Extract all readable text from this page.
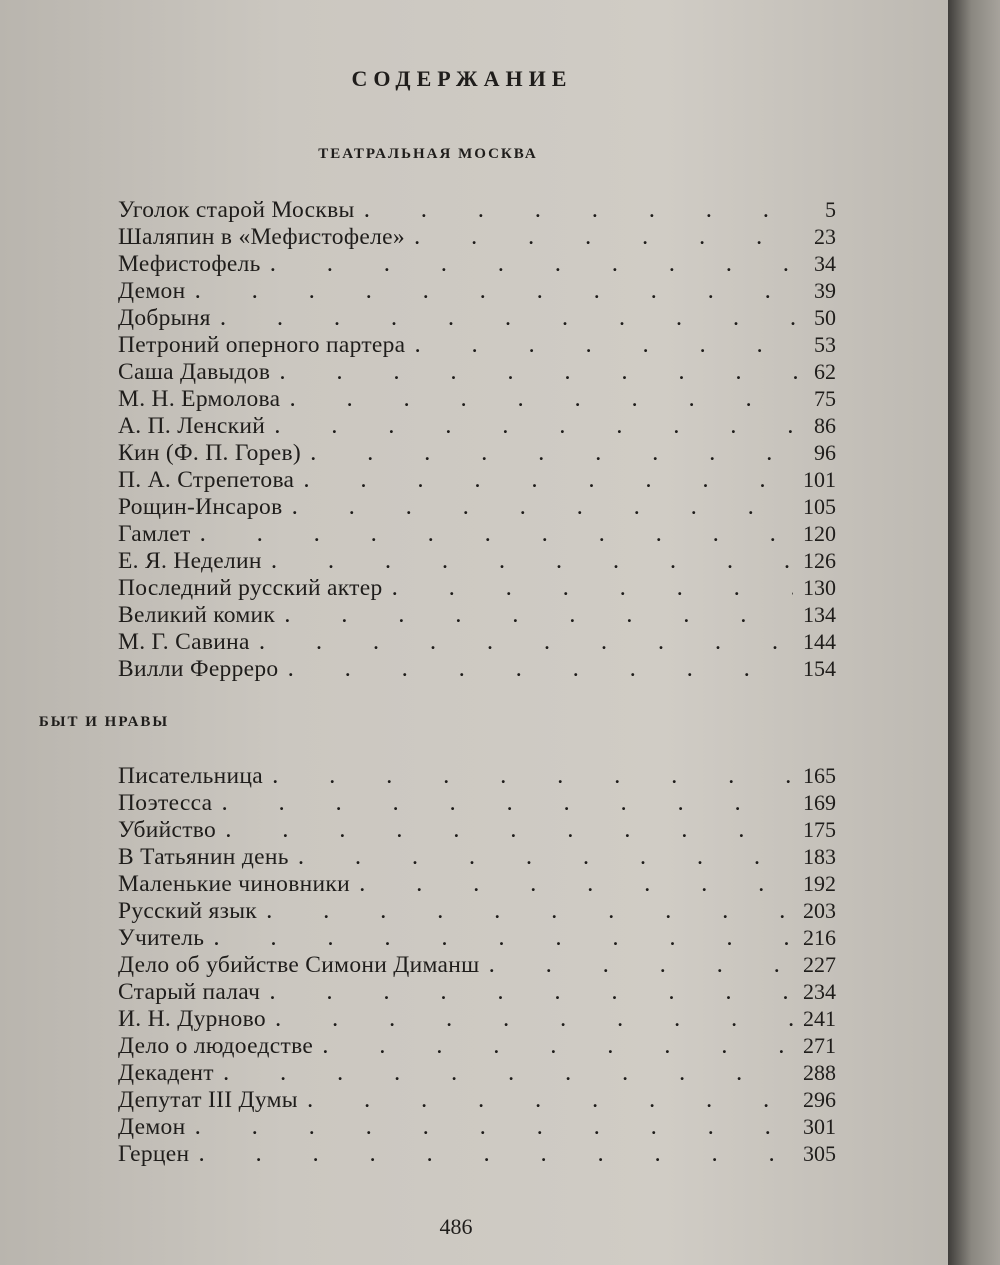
СОДЕРЖАНИЕ
ТЕАТРАЛЬНАЯ МОСКВА
Уголок старой Москвы . . .	5
Шаляпин в «Мефистофеле» . . .	23
Мефистофель . . .	34
Демон . . .	39
Добрыня . . .	50
Петроний оперного партера . . .	53
Саша Давыдов . . .	62
М. Н. Ермолова . . .	75
А. П. Ленский . . .	86
Кин (Ф. П. Горев) . . .	96
П. А. Стрепетова . . .	101
Рощин-Инсаров . . .	105
Гамлет . . .	120
Е. Я. Неделин . . .	126
Последний русский актер . . .	130
Великий комик . . .	134
М. Г. Савина . . .	144
Вилли Ферреро . . .	154
БЫТ И НРАВЫ
Писательница . . .	165
Поэтесса . . .	169
Убийство . . .	175
В Татьянин день . . .	183
Маленькие чиновники . . .	192
Русский язык . . .	203
Учитель . . .	216
Дело об убийстве Симони Диманш . . .	227
Старый палач . . .	234
И. Н. Дурново . . .	241
Дело о людоедстве . . .	271
Декадент . . .	288
Депутат III Думы . . .	296
Демон . . .	301
Герцен . . .	305
486
